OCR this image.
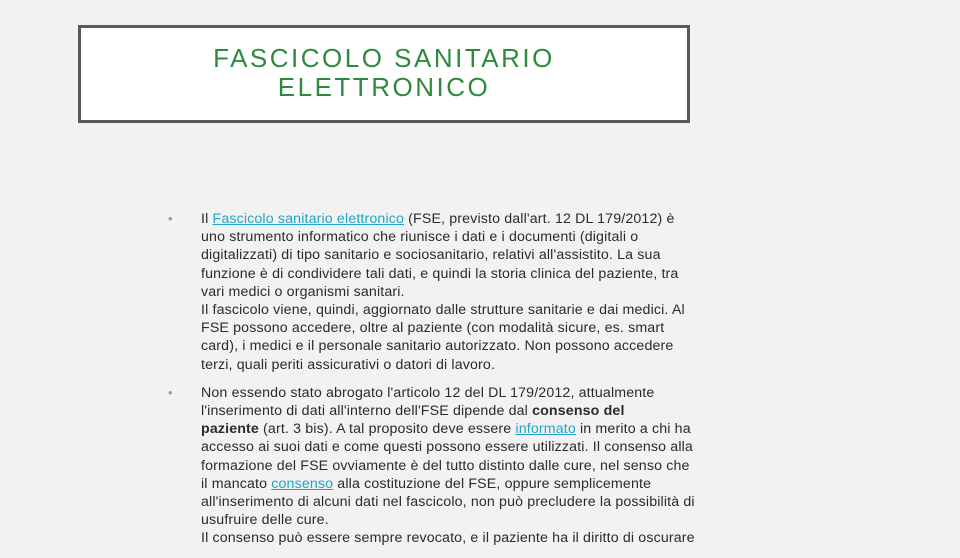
FASCICOLO SANITARIO
ELETTRONICO
• Il Fascicolo sanitario elettronico (FSE, previsto dall'art. 12 DL 179/2012) è
uno strumento informatico che riunisce i dati e i documenti (digitali o
digitalizzati) di tipo sanitario e sociosanitario, relativi all'assistito. La sua
funzione è di condividere tali dati, e quindi la storia clinica del paziente, tra
vari medici o organismi sanitari.
Il fascicolo viene, quindi, aggiornato dalle strutture sanitarie e dai medici. Al
FSE possono accedere, oltre al paziente (con modalità sicure, es. smart
card), i medici e il personale sanitario autorizzato. Non possono accedere
terzi, quali periti assicurativi o datori di lavoro.
• Non essendo stato abrogato l'articolo 12 del DL 179/2012, attualmente
l'inserimento di dati all'interno dell'FSE dipende dal consenso del
paziente (art. 3 bis). A tal proposito deve essere informato in merito a chi ha
accesso ai suoi dati e come questi possono essere utilizzati. Il consenso alla
formazione del FSE ovviamente è del tutto distinto dalle cure, nel senso che
il mancato consenso alla costituzione del FSE, oppure semplicemente
all'inserimento di alcuni dati nel fascicolo, non può precludere la possibilità di
usufruire delle cure.
Il consenso può essere sempre revocato, e il paziente ha il diritto di oscurare
